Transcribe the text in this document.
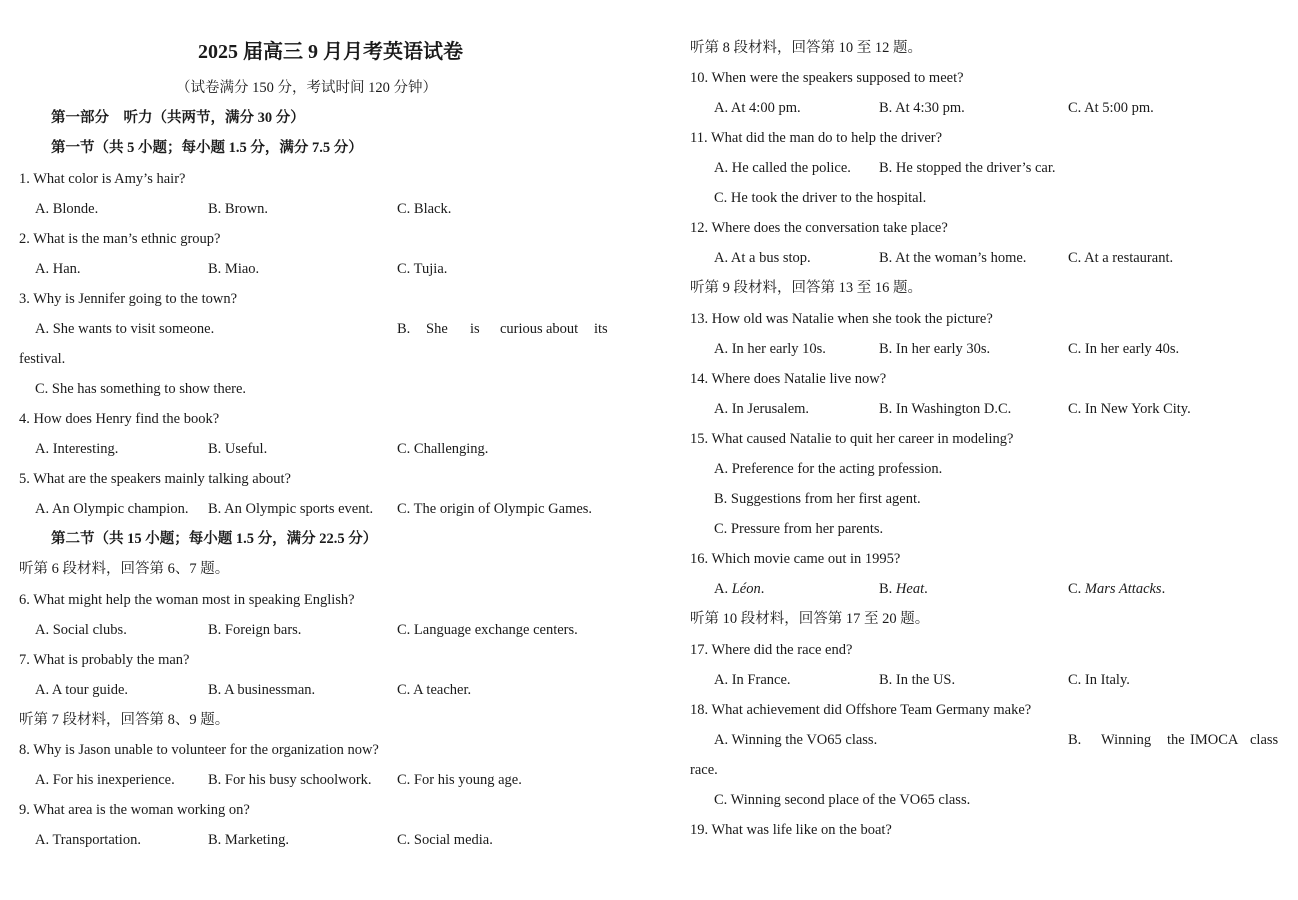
2025 届高三 9 月月考英语试卷
（试卷满分 150 分，考试时间 120 分钟）
第一部分　听力（共两节，满分 30 分）
第一节（共 5 小题；每小题 1.5 分，满分 7.5 分）
1. What color is Amy’s hair?
A. Blonde.	B. Brown.	C. Black.
2. What is the man’s ethnic group?
A. Han.	B. Miao.	C. Tujia.
3. Why is Jennifer going to the town?
A. She wants to visit someone.	B. She is curious about its
festival.
C. She has something to show there.
4. How does Henry find the book?
A. Interesting.	B. Useful.	C. Challenging.
5. What are the speakers mainly talking about?
A. An Olympic champion. B. An Olympic sports event. C. The origin of Olympic Games.
第二节（共 15 小题；每小题 1.5 分，满分 22.5 分）
听第 6 段材料，回答第 6、7 题。
6. What might help the woman most in speaking English?
A. Social clubs.	B. Foreign bars.	C. Language exchange centers.
7. What is probably the man?
A. A tour guide.	B. A businessman.	C. A teacher.
听第 7 段材料，回答第 8、9 题。
8. Why is Jason unable to volunteer for the organization now?
A. For his inexperience. B. For his busy schoolwork. C. For his young age.
9. What area is the woman working on?
A. Transportation.	B. Marketing.	C. Social media.
听第 8 段材料，回答第 10 至 12 题。
10. When were the speakers supposed to meet?
A. At 4:00 pm.	B. At 4:30 pm.	C. At 5:00 pm.
11. What did the man do to help the driver?
A. He called the police. B. He stopped the driver’s car.
C. He took the driver to the hospital.
12. Where does the conversation take place?
A. At a bus stop.	B. At the woman’s home.	C. At a restaurant.
听第 9 段材料，回答第 13 至 16 题。
13. How old was Natalie when she took the picture?
A. In her early 10s.	B. In her early 30s.	C. In her early 40s.
14. Where does Natalie live now?
A. In Jerusalem.	B. In Washington D.C.	C. In New York City.
15. What caused Natalie to quit her career in modeling?
A. Preference for the acting profession.
B. Suggestions from her first agent.
C. Pressure from her parents.
16. Which movie came out in 1995?
A. Léon.	B. Heat.	C. Mars Attacks.
听第 10 段材料，回答第 17 至 20 题。
17. Where did the race end?
A. In France.	B. In the US.	C. In Italy.
18. What achievement did Offshore Team Germany make?
A. Winning the VO65 class.	B. Winning the IMOCA class
race.
C. Winning second place of the VO65 class.
19. What was life like on the boat?
